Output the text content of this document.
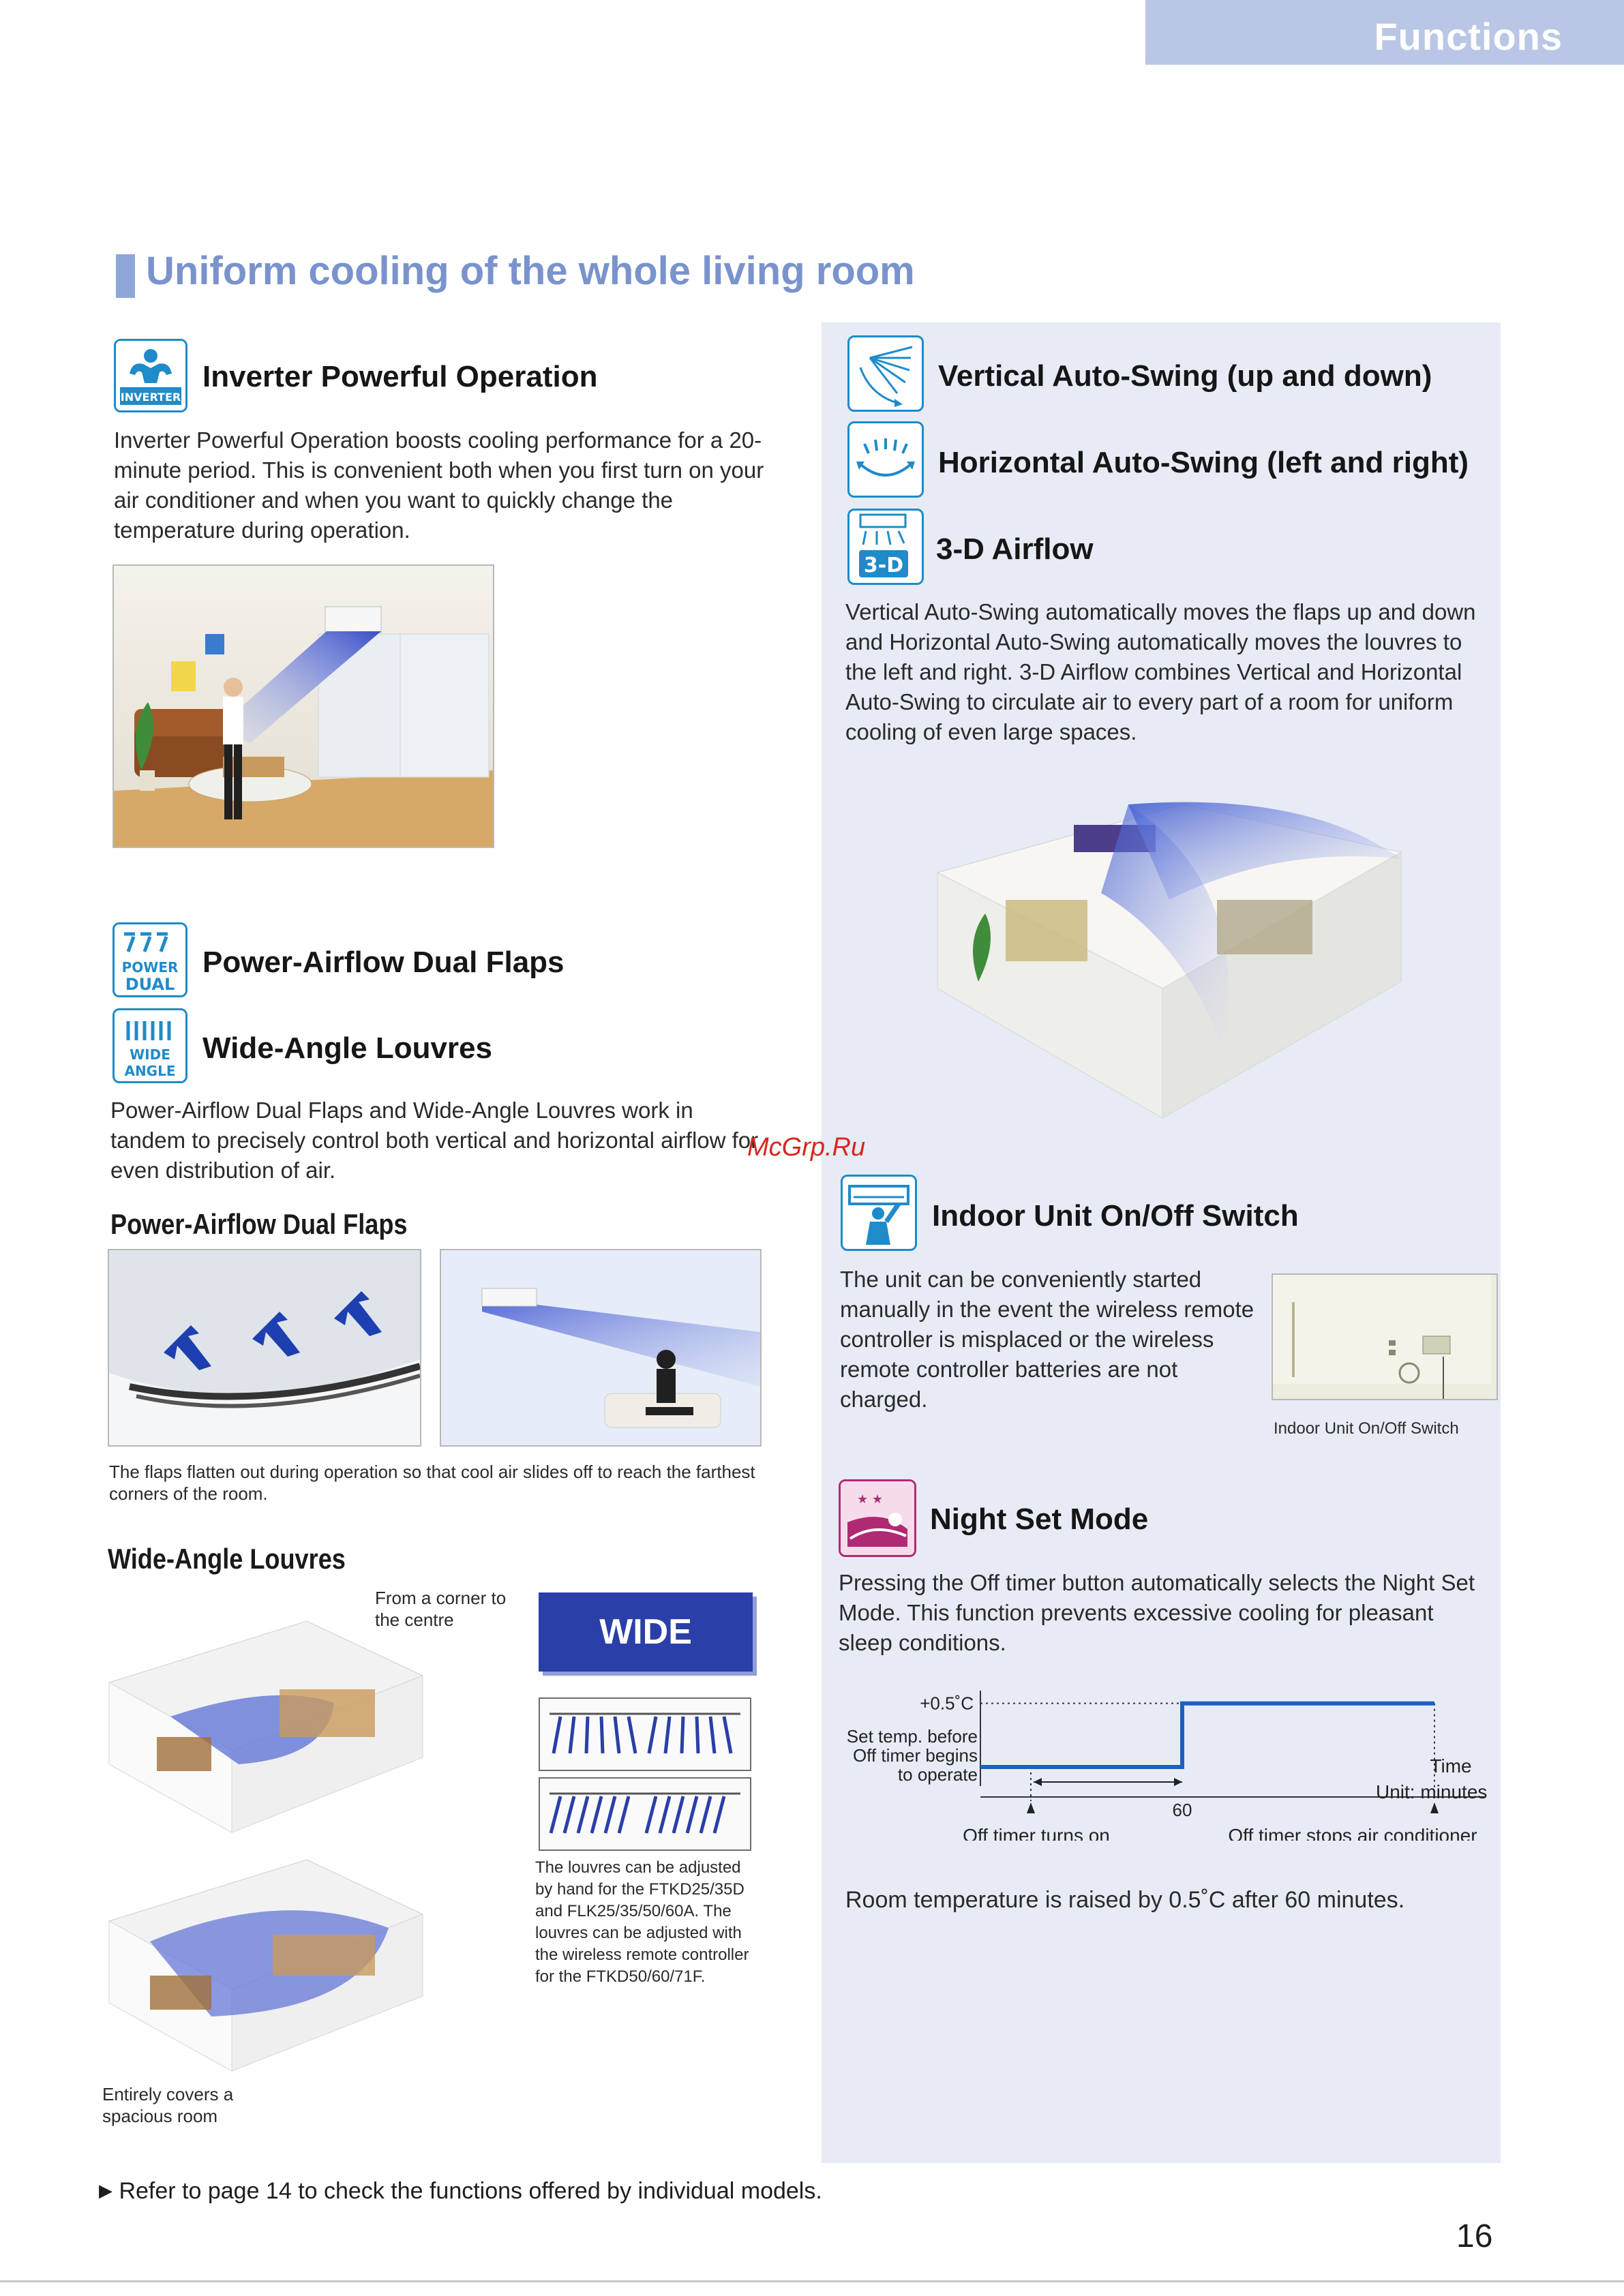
Functions
Uniform cooling of the whole living room
INVERTER
Inverter Powerful Operation
Inverter Powerful Operation boosts cooling performance for a 20-minute period. This is convenient both when you first turn on your air conditioner and when you want to quickly change the temperature during operation.
POWER
DUAL
Power-Airflow Dual Flaps
WIDE
ANGLE
Wide-Angle Louvres
Power-Airflow Dual Flaps and Wide-Angle Louvres work in tandem to precisely control both vertical and horizontal airflow for even distribution of air.
Power-Airflow Dual Flaps
The flaps flatten out during operation so that cool air slides off to reach the farthest corners of the room.
Wide-Angle Louvres
From a corner to the centre
Entirely covers a spacious room
WIDE
The louvres can be adjusted by hand for the FTKD25/35D and FLK25/35/50/60A. The louvres can be adjusted with the wireless remote controller for the FTKD50/60/71F.
Vertical Auto-Swing (up and down)
Horizontal Auto-Swing (left and right)
3-D 3-D Airflow
Vertical Auto-Swing automatically moves the flaps up and down and Horizontal Auto-Swing automatically moves the louvres to the left and right. 3-D Airflow combines Vertical and Horizontal Auto-Swing to circulate air to every part of a room for uniform cooling of even large spaces.
McGrp.Ru
Indoor Unit On/Off Switch
The unit can be conveniently started manually in the event the wireless remote controller is misplaced or the wireless remote controller batteries are not charged.
Indoor Unit On/Off Switch
★ ★
Night Set Mode
Pressing the Off timer button automatically selects the Night Set Mode. This function prevents excessive cooling for pleasant sleep conditions.
+0.5˚C
Set temp. before
Off timer begins
to operate
60
Time
Unit: minutes
Off timer turns on	Off timer stops air conditioner
Room temperature is raised by 0.5˚C after 60 minutes.
▶ Refer to page 14 to check the functions offered by individual models.
16
